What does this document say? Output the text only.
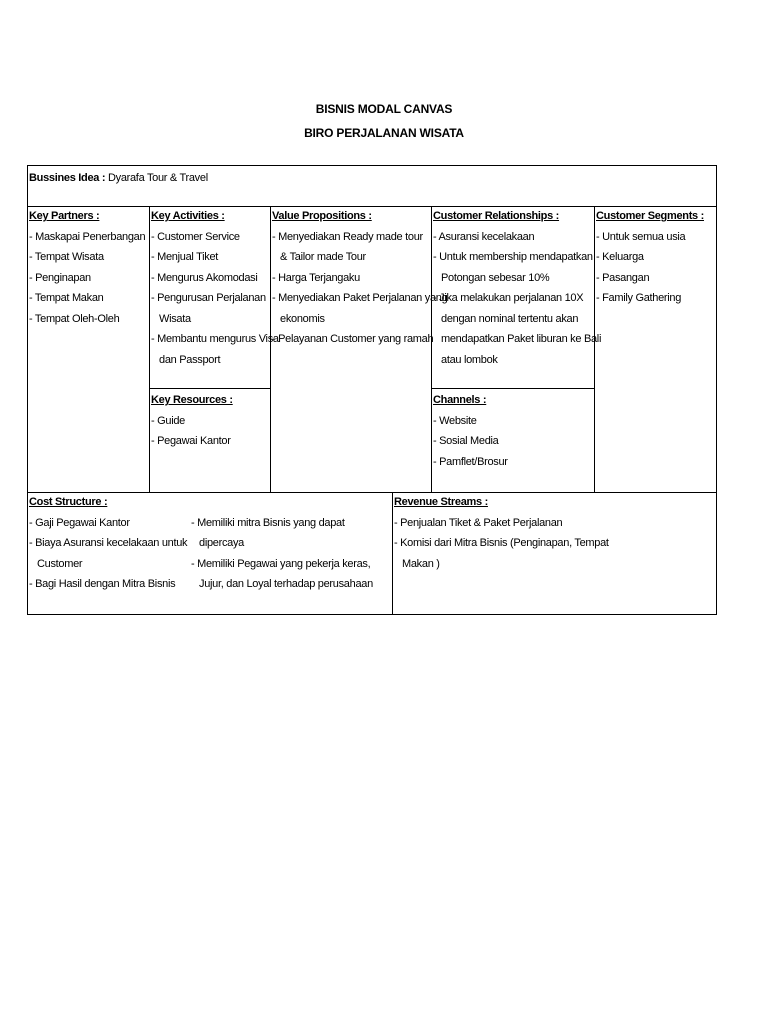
BISNIS MODAL CANVAS
BIRO PERJALANAN WISATA
Bussines Idea : Dyarafa Tour & Travel
Key Partners :
- Maskapai Penerbangan
- Tempat Wisata
- Penginapan
- Tempat Makan
- Tempat Oleh-Oleh
Key Activities :
- Customer Service
- Menjual Tiket
- Mengurus Akomodasi
- Pengurusan Perjalanan
Wisata
- Membantu mengurus Visa
dan Passport
Key Resources :
- Guide
- Pegawai Kantor
Value Propositions :
- Menyediakan Ready made tour
& Tailor made Tour
- Harga Terjangaku
- Menyediakan Paket Perjalanan yang
ekonomis
- Pelayanan Customer yang ramah
Customer Relationships :
- Asuransi kecelakaan
- Untuk membership mendapatkan
Potongan sebesar 10%
- Jika melakukan perjalanan 10X
dengan nominal tertentu akan
mendapatkan Paket liburan ke Bali
atau lombok
Channels :
- Website
- Sosial Media
- Pamflet/Brosur
Customer Segments :
- Untuk semua usia
- Keluarga
- Pasangan
- Family Gathering
Cost Structure :
- Gaji Pegawai Kantor
- Biaya Asuransi kecelakaan untuk
Customer
- Bagi Hasil dengan Mitra Bisnis
- Memiliki mitra Bisnis yang dapat
dipercaya
- Memiliki Pegawai yang pekerja keras,
Jujur, dan Loyal terhadap perusahaan
Revenue Streams :
- Penjualan Tiket & Paket Perjalanan
- Komisi dari Mitra Bisnis (Penginapan, Tempat
Makan )
